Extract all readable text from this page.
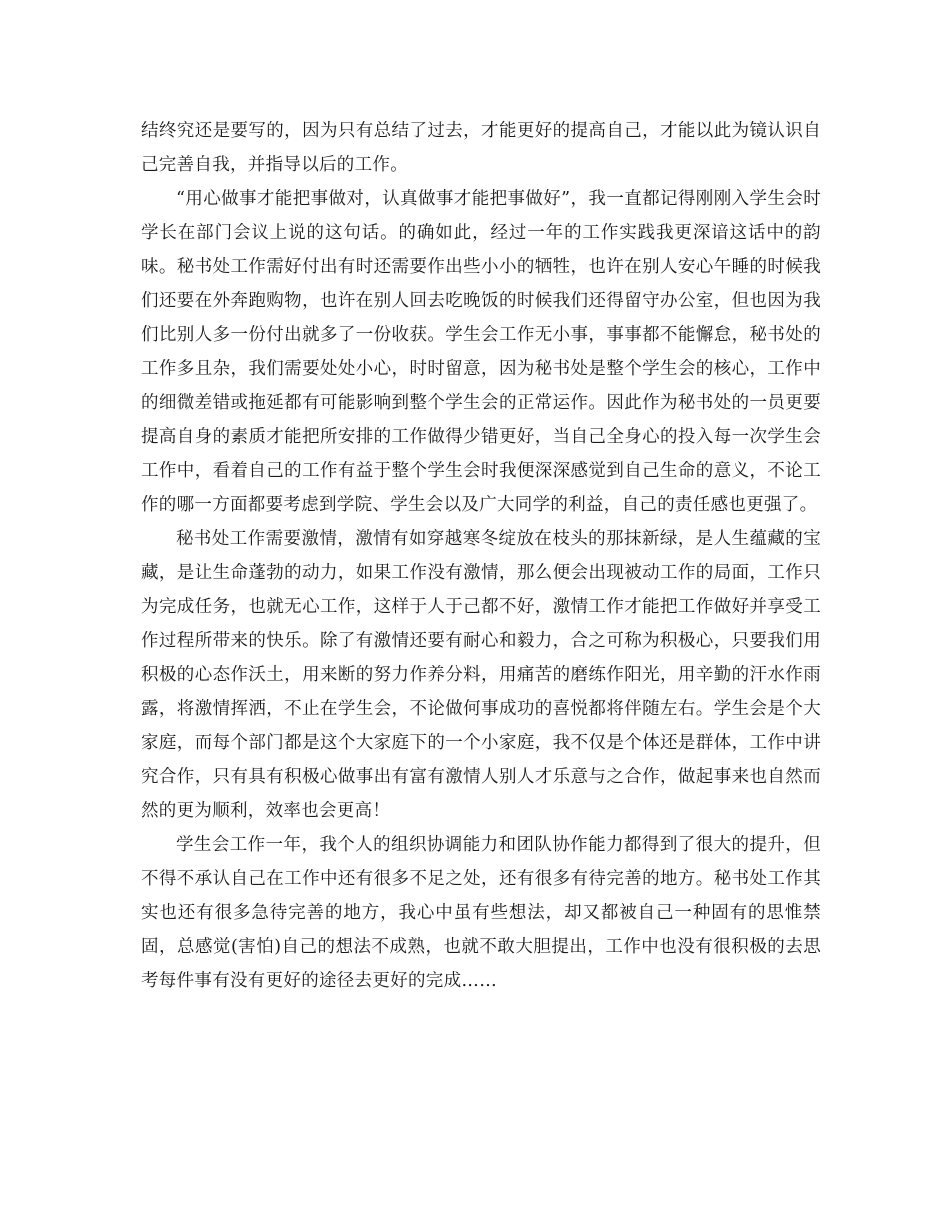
结终究还是要写的，因为只有总结了过去，才能更好的提高自己，才能以此为镜认识自己完善自我，并指导以后的工作。

“用心做事才能把事做对，认真做事才能把事做好”，我一直都记得刚刚入学生会时学长在部门会议上说的这句话。的确如此，经过一年的工作实践我更深谙这话中的韵味。秘书处工作需好付出有时还需要作出些小小的牺牲，也许在别人安心午睡的时候我们还要在外奔跑购物，也许在别人回去吃晚饭的时候我们还得留守办公室，但也因为我们比别人多一份付出就多了一份收获。学生会工作无小事，事事都不能懈怠，秘书处的工作多且杂，我们需要处处小心，时时留意，因为秘书处是整个学生会的核心，工作中的细微差错或拖延都有可能影响到整个学生会的正常运作。因此作为秘书处的一员更要提高自身的素质才能把所安排的工作做得少错更好，当自己全身心的投入每一次学生会工作中，看着自己的工作有益于整个学生会时我便深深感觉到自己生命的意义，不论工作的哪一方面都要考虑到学院、学生会以及广大同学的利益，自己的责任感也更强了。

秘书处工作需要激情，激情有如穿越寒冬绽放在枝头的那抹新绿，是人生蕴藏的宝藏，是让生命蓬勃的动力，如果工作没有激情，那么便会出现被动工作的局面，工作只为完成任务，也就无心工作，这样于人于己都不好，激情工作才能把工作做好并享受工作过程所带来的快乐。除了有激情还要有耐心和毅力，合之可称为积极心，只要我们用积极的心态作沃土，用来断的努力作养分料，用痛苦的磨练作阳光，用辛勤的汗水作雨露，将激情挥洒，不止在学生会，不论做何事成功的喜悦都将伴随左右。学生会是个大家庭，而每个部门都是这个大家庭下的一个小家庭，我不仅是个体还是群体，工作中讲究合作，只有具有积极心做事出有富有激情人别人才乐意与之合作，做起事来也自然而然的更为顺利，效率也会更高！

学生会工作一年，我个人的组织协调能力和团队协作能力都得到了很大的提升，但不得不承认自己在工作中还有很多不足之处，还有很多有待完善的地方。秘书处工作其实也还有很多急待完善的地方，我心中虽有些想法，却又都被自己一种固有的思惟禁固，总感觉(害怕)自己的想法不成熟，也就不敢大胆提出，工作中也没有很积极的去思考每件事有没有更好的途径去更好的完成……
